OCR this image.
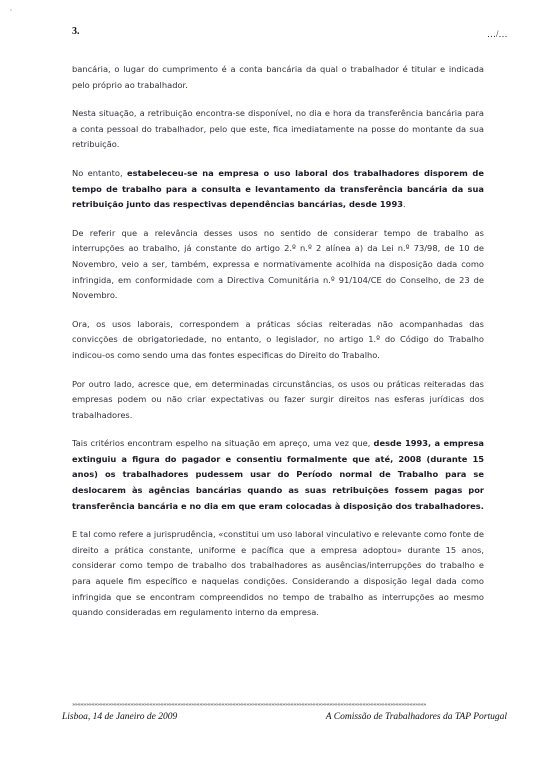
'
3.	…/…

bancária, o lugar do cumprimento é a conta bancária da qual o trabalhador é titular e indicada pelo próprio ao trabalhador.

Nesta situação, a retribuição encontra-se disponível, no dia e hora da transferência bancária para a conta pessoal do trabalhador, pelo que este, fica imediatamente na posse do montante da sua retribuição.

No entanto, estabeleceu-se na empresa o uso laboral dos trabalhadores disporem de tempo de trabalho para a consulta e levantamento da transferência bancária da sua retribuição junto das respectivas dependências bancárias, desde 1993.

De referir que a relevância desses usos no sentido de considerar tempo de trabalho as interrupções ao trabalho, já constante do artigo 2.º n.º 2 alínea a) da Lei n.º 73/98, de 10 de Novembro, veio a ser, também, expressa e normativamente acolhida na disposição dada como infringida, em conformidade com a Directiva Comunitária n.º 91/104/CE do Conselho, de 23 de Novembro.

Ora, os usos laborais, correspondem a práticas sócias reiteradas não acompanhadas das convicções de obrigatoriedade, no entanto, o legislador, no artigo 1.º do Código do Trabalho indicou-os como sendo uma das fontes especificas do Direito do Trabalho.

Por outro lado, acresce que, em determinadas circunstâncias, os usos ou práticas reiteradas das empresas podem ou não criar expectativas ou fazer surgir direitos nas esferas jurídicas dos trabalhadores.

Tais critérios encontram espelho na situação em apreço, uma vez que, desde 1993, a empresa extinguiu a figura do pagador e consentiu formalmente que até, 2008 (durante 15 anos) os trabalhadores pudessem usar do Período normal de Trabalho para se deslocarem às agências bancárias quando as suas retribuições fossem pagas por transferência bancária e no dia em que eram colocadas à disposição dos trabalhadores.

E tal como refere a jurisprudência, «constitui um uso laboral vinculativo e relevante como fonte de direito a prática constante, uniforme e pacífica que a empresa adoptou» durante 15 anos, considerar como tempo de trabalho dos trabalhadores as ausências/interrupções do trabalho e para aquele fim específico e naquelas condições. Considerando a disposição legal dada como infringida que se encontram compreendidos no tempo de trabalho as interrupções ao mesmo quando consideradas em regulamento interno da empresa.

»»»»»»»»»»»»»»»»»»»»»»»»»»»»»»»»»»»»»»»»»»»»»»»»»»»»»»»»»»»»»»»»»»»»»»»»»»»»»»»»»»»»»»»»»»»»»»»»»»»»»»»»»»»»»»»»»»»»»»»»»»»»»»»»
Lisboa, 14 de Janeiro de 2009	A Comissão de Trabalhadores da TAP Portugal
